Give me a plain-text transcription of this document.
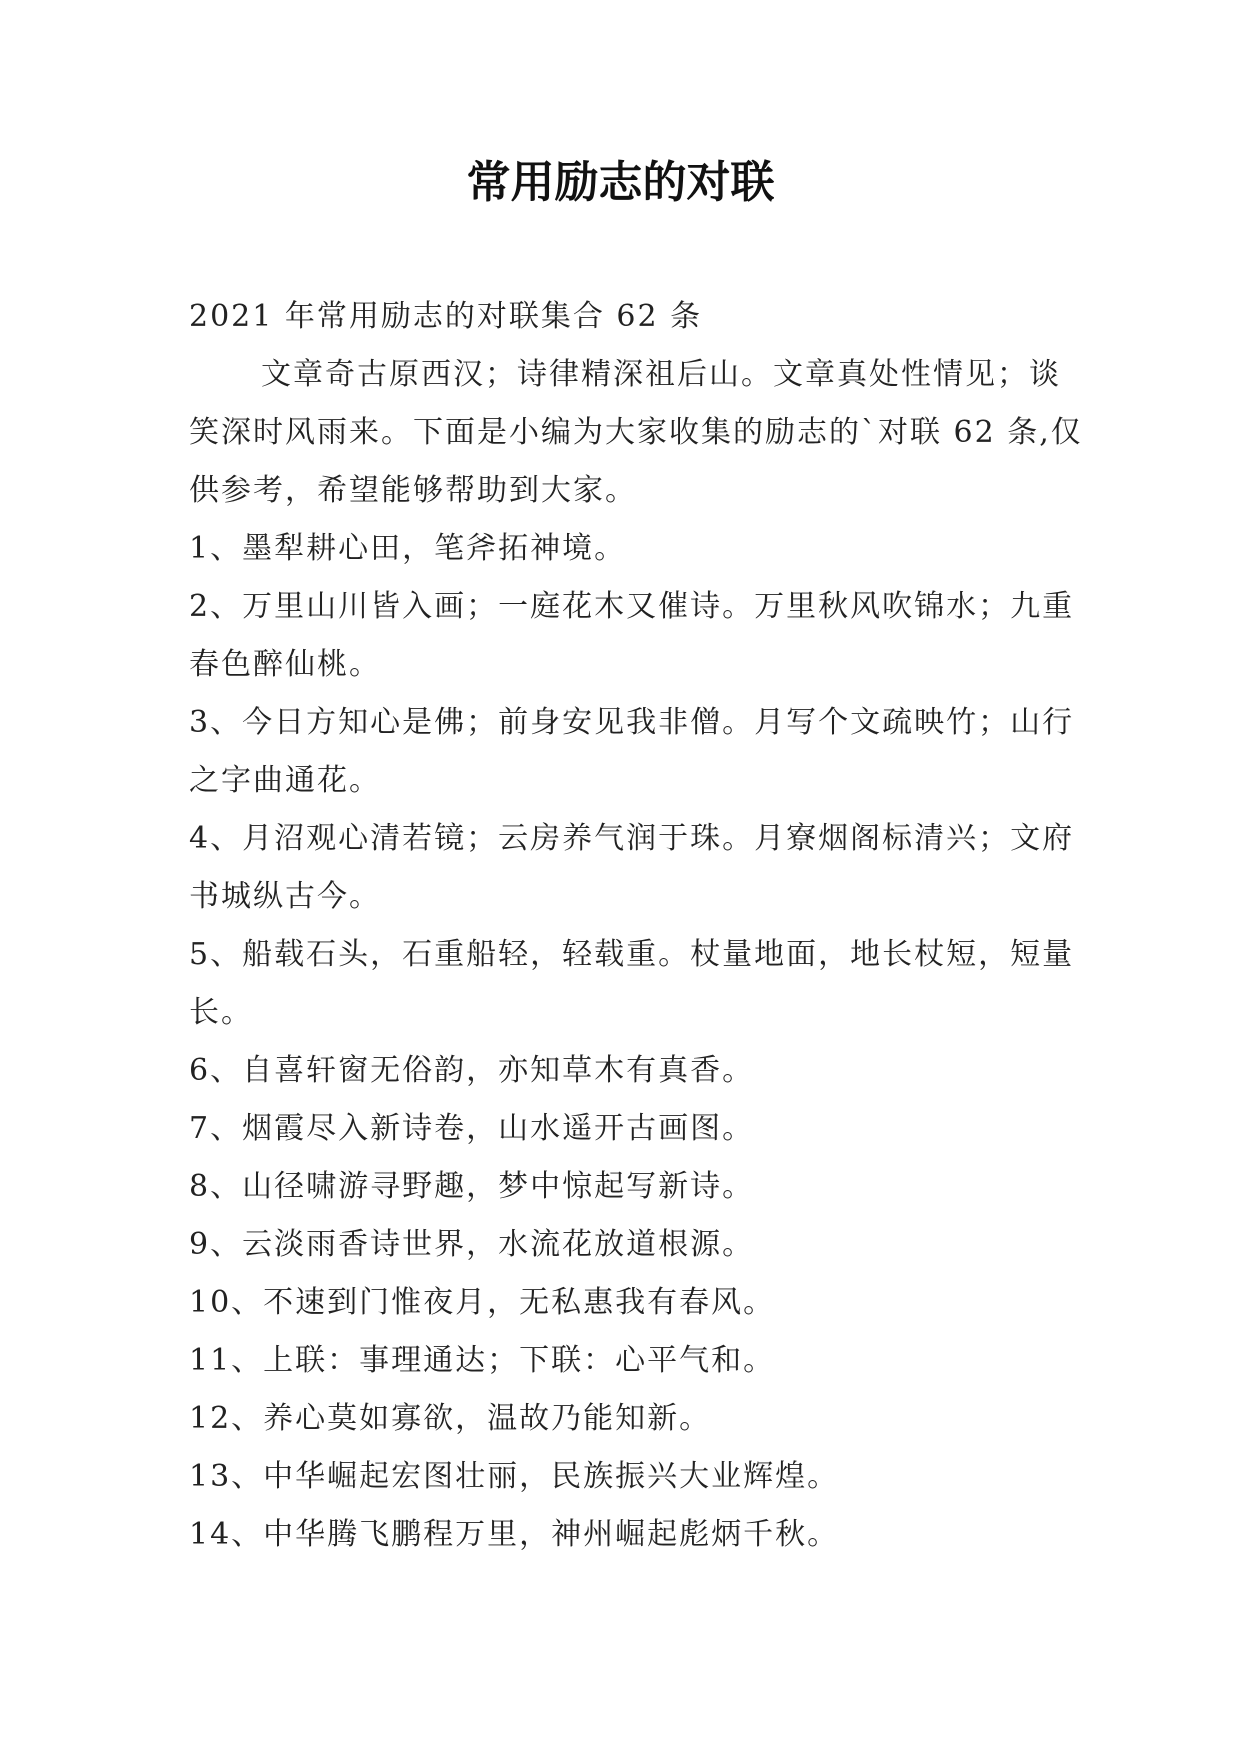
常用励志的对联

2021 年常用励志的对联集合 62 条

文章奇古原西汉；诗律精深祖后山。文章真处性情见；谈笑深时风雨来。下面是小编为大家收集的励志的`对联 62 条,仅供参考，希望能够帮助到大家。

1、墨犁耕心田，笔斧拓神境。

2、万里山川皆入画；一庭花木又催诗。万里秋风吹锦水；九重春色醉仙桃。

3、今日方知心是佛；前身安见我非僧。月写个文疏映竹；山行之字曲通花。

4、月沼观心清若镜；云房养气润于珠。月寮烟阁标清兴；文府书城纵古今。

5、船载石头，石重船轻，轻载重。杖量地面，地长杖短，短量长。

6、自喜轩窗无俗韵，亦知草木有真香。

7、烟霞尽入新诗卷，山水遥开古画图。

8、山径啸游寻野趣，梦中惊起写新诗。

9、云淡雨香诗世界，水流花放道根源。

10、不速到门惟夜月，无私惠我有春风。

11、上联：事理通达；下联：心平气和。

12、养心莫如寡欲，温故乃能知新。

13、中华崛起宏图壮丽，民族振兴大业辉煌。

14、中华腾飞鹏程万里，神州崛起彪炳千秋。
